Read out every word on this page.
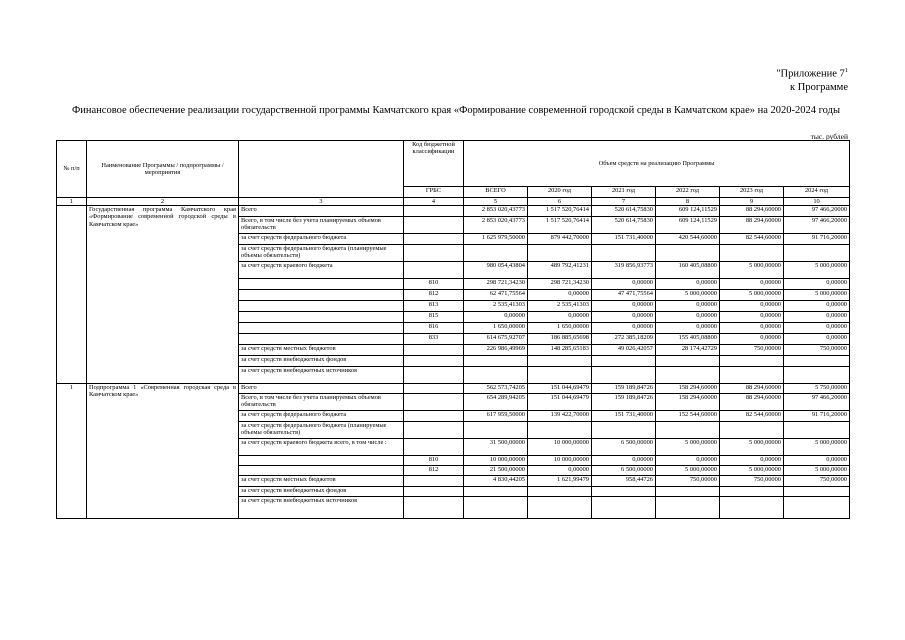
"Приложение $7^1$
к Программе
Финансовое обеспечение реализации государственной программы Камчатского края «Формирование современной городской среды в Камчатском крае» на 2020-2024 годы
тыс. рублей
№ п/п	Наименование Программы / подпрограммы / мероприятия		Код бюджетной классификации	Объем средств на реализацию Программы					
			ГРБС	ВСЕГО	2020 год	2021 год	2022 год	2023 год	2024 год
1	2	3	4	5	6	7	8	9	10
	Государственная программа Камчатского края «Формирование современной городской среды в Камчатском крае»	Всего		2 853 020,43773	1 517 520,76414	520 614,75830	609 124,11529	88 294,60000	97 466,20000
		Всего, в том числе без учета планируемых объемов обязательств		2 853 020,43773	1 517 520,76414	520 614,75830	609 124,11529	88 294,60000	97 466,20000
		за счет средств федерального бюджета		1 625 979,50000	879 442,70000	151 731,40000	420 544,60000	82 544,60000	91 716,20000
		за счет средств федерального бюджета (планируемые объемы обязательств)							
		за счет средств краевого бюджета		980 054,43804	489 792,41231	319 856,93773	160 405,08800	5 000,00000	5 000,00000
			810	298 721,34230	298 721,34230	0,00000	0,00000	0,00000	0,00000
			812	62 471,75564	0,00000	47 471,75564	5 000,00000	5 000,00000	5 000,00000
			813	2 535,41303	2 535,41303	0,00000	0,00000	0,00000	0,00000
			815	0,00000	0,00000	0,00000	0,00000	0,00000	0,00000
			816	1 650,00000	1 650,00000	0,00000	0,00000	0,00000	0,00000
			833	614 675,92707	186 885,65698	272 385,18209	155 405,08800	0,00000	0,00000
		за счет средств местных бюджетов		226 986,49969	148 285,65183	49 026,42057	28 174,42729	750,00000	750,00000
		за счет средств внебюджетных фондов							
		за счет средств внебюджетных источников							
1	Подпрограмма 1 «Современная городская среда в Камчатском крае»	Всего		562 573,74205	151 044,69479	159 189,84726	158 294,60000	88 294,60000	5 750,00000
		Всего, в том числе без учета планируемых объемов обязательств		654 289,94205	151 044,69479	159 189,84726	158 294,60000	88 294,60000	97 466,20000
		за счет средств федерального бюджета		617 959,50000	139 422,70000	151 731,40000	152 544,60000	82 544,60000	91 716,20000
		за счет средств федерального бюджета (планируемые объемы обязательств)							
		за счет средств краевого бюджета всего, в том числе :		31 500,00000	10 000,00000	6 500,00000	5 000,00000	5 000,00000	5 000,00000
			810	10 000,00000	10 000,00000	0,00000	0,00000	0,00000	0,00000
			812	21 500,00000	0,00000	6 500,00000	5 000,00000	5 000,00000	5 000,00000
		за счет средств местных бюджетов		4 830,44205	1 621,99479	958,44726	750,00000	750,00000	750,00000
		за счет средств внебюджетных фондов							
		за счет средств внебюджетных источников							
